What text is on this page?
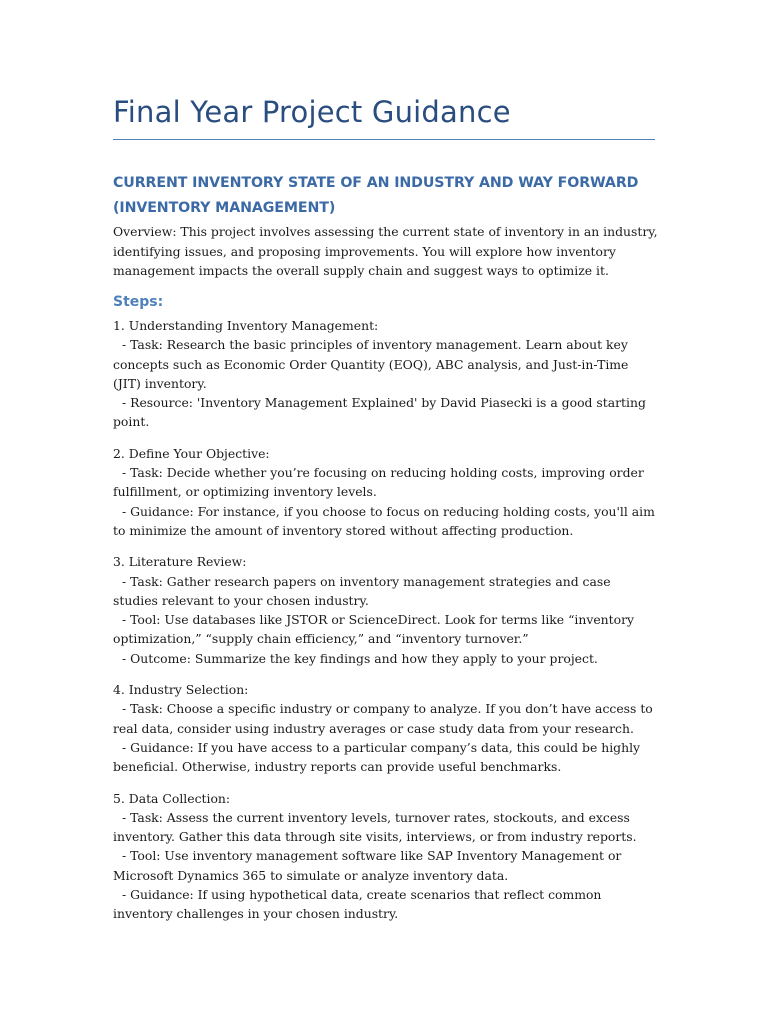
Final Year Project Guidance
CURRENT INVENTORY STATE OF AN INDUSTRY AND WAY FORWARD (INVENTORY MANAGEMENT)

Overview: This project involves assessing the current state of inventory in an industry, identifying issues, and proposing improvements. You will explore how inventory management impacts the overall supply chain and suggest ways to optimize it.

Steps:

1. Understanding Inventory Management:

- Task: Research the basic principles of inventory management. Learn about key concepts such as Economic Order Quantity (EOQ), ABC analysis, and Just-in-Time (JIT) inventory.

- Resource: 'Inventory Management Explained' by David Piasecki is a good starting point.

2. Define Your Objective:

- Task: Decide whether you’re focusing on reducing holding costs, improving order fulfillment, or optimizing inventory levels.

- Guidance: For instance, if you choose to focus on reducing holding costs, you'll aim to minimize the amount of inventory stored without affecting production.

3. Literature Review:

- Task: Gather research papers on inventory management strategies and case studies relevant to your chosen industry.

- Tool: Use databases like JSTOR or ScienceDirect. Look for terms like “inventory optimization,” “supply chain efficiency,” and “inventory turnover.”

- Outcome: Summarize the key findings and how they apply to your project.

4. Industry Selection:

- Task: Choose a specific industry or company to analyze. If you don’t have access to real data, consider using industry averages or case study data from your research.

- Guidance: If you have access to a particular company’s data, this could be highly beneficial. Otherwise, industry reports can provide useful benchmarks.

5. Data Collection:

- Task: Assess the current inventory levels, turnover rates, stockouts, and excess inventory. Gather this data through site visits, interviews, or from industry reports.

- Tool: Use inventory management software like SAP Inventory Management or Microsoft Dynamics 365 to simulate or analyze inventory data.

- Guidance: If using hypothetical data, create scenarios that reflect common inventory challenges in your chosen industry.
